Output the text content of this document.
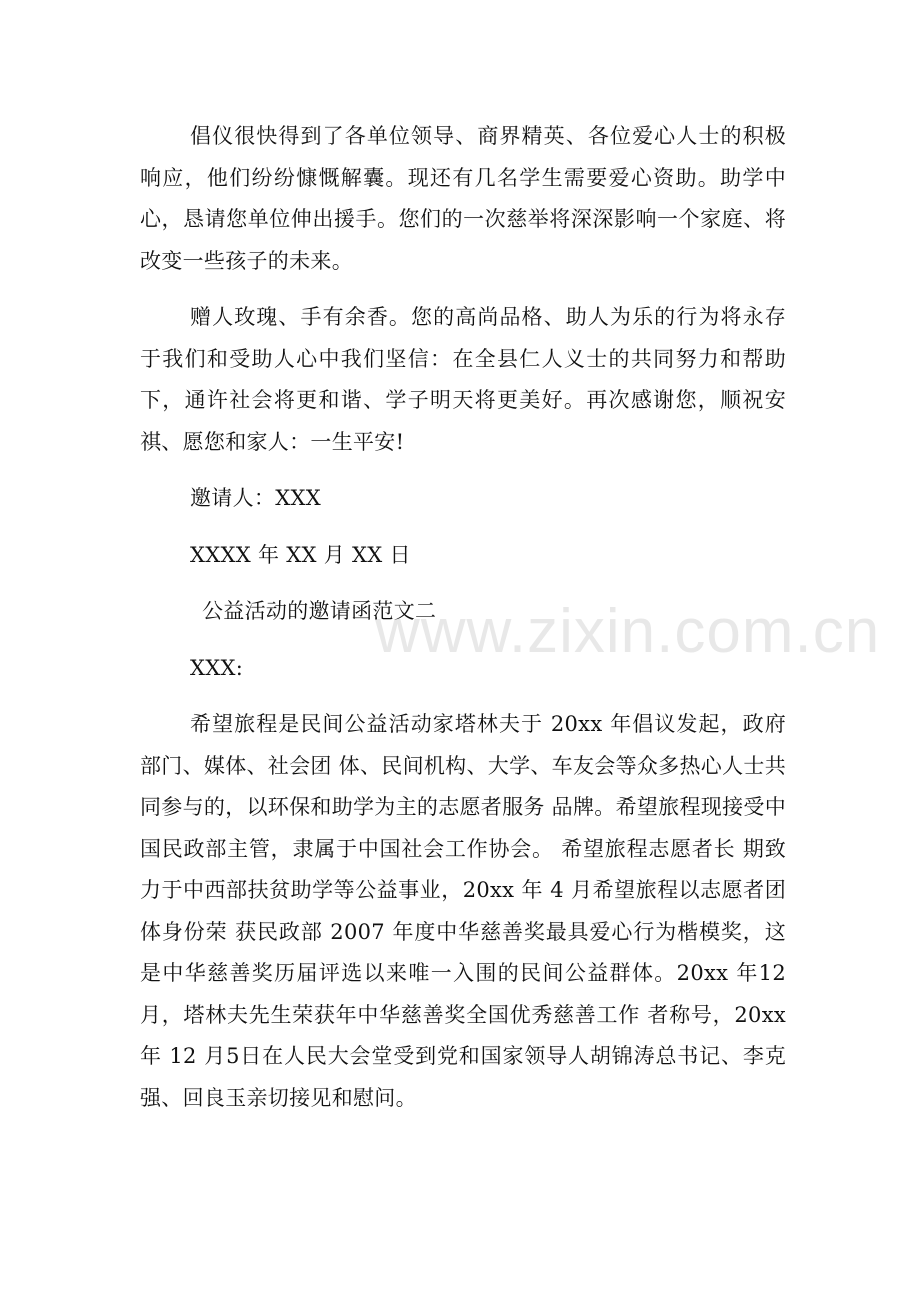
倡仪很快得到了各单位领导、商界精英、各位爱心人士的积极响应，他们纷纷慷慨解囊。现还有几名学生需要爱心资助。助学中心，恳请您单位伸出援手。您们的一次慈举将深深影响一个家庭、将改变一些孩子的未来。

赠人玫瑰、手有余香。您的高尚品格、助人为乐的行为将永存于我们和受助人心中我们坚信：在全县仁人义士的共同努力和帮助下，通许社会将更和谐、学子明天将更美好。再次感谢您，顺祝安祺、愿您和家人：一生平安!

邀请人：XXX

XXXX 年 XX 月 XX 日

公益活动的邀请函范文二

XXX:

希望旅程是民间公益活动家塔林夫于 20xx 年倡议发起，政府部门、媒体、社会团 体、民间机构、大学、车友会等众多热心人士共同参与的，以环保和助学为主的志愿者服务 品牌。希望旅程现接受中国民政部主管，隶属于中国社会工作协会。 希望旅程志愿者长 期致力于中西部扶贫助学等公益事业，20xx 年 4 月希望旅程以志愿者团体身份荣 获民政部 2007 年度中华慈善奖最具爱心行为楷模奖，这是中华慈善奖历届评选以来唯一入围的民间公益群体。20xx 年12月，塔林夫先生荣获年中华慈善奖全国优秀慈善工作 者称号，20xx 年 12 月5日在人民大会堂受到党和国家领导人胡锦涛总书记、李克强、回良玉亲切接见和慰问。

www.zixin.com.cn
